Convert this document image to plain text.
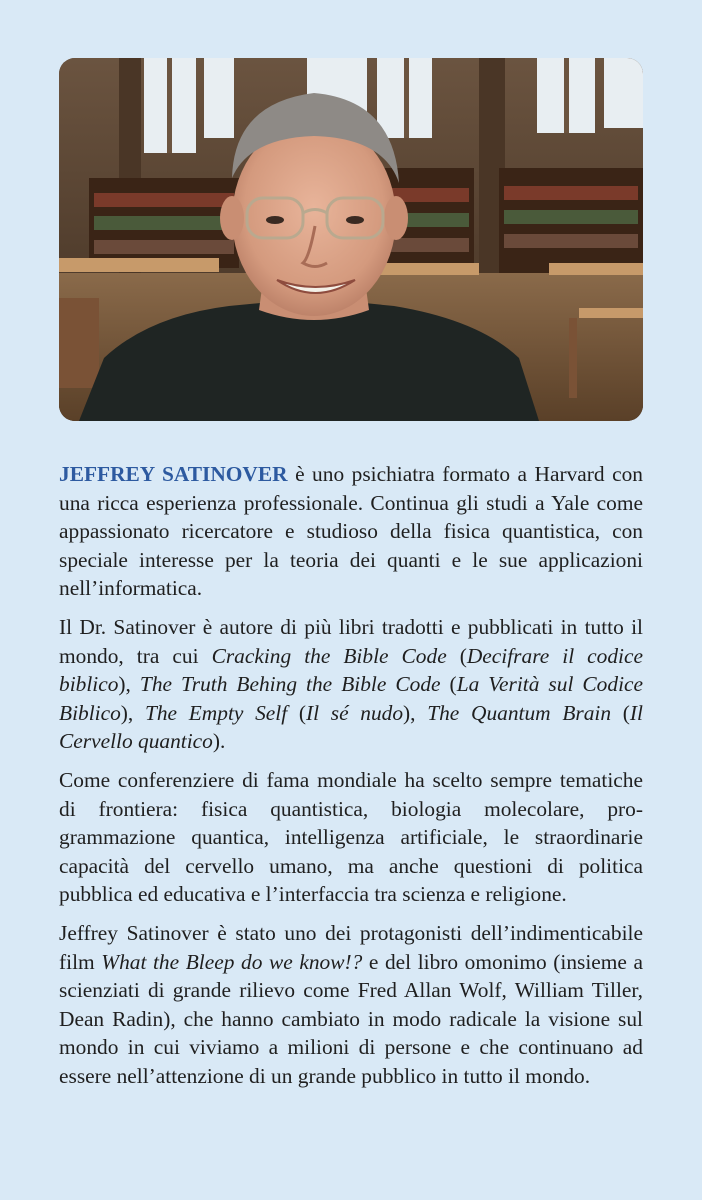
JEFFREY SATINOVER è uno psichiatra formato a Harvard con una ricca esperienza professionale. Continua gli studi a Yale come appassionato ricercatore e studioso della fisica quantistica, con speciale interesse per la teoria dei quanti e le sue applicazioni nell’informatica.

Il Dr. Satinover è autore di più libri tradotti e pubblicati in tutto il mondo, tra cui Cracking the Bible Code (Decifrare il codice biblico), The Truth Behing the Bible Code (La Verità sul Codice Biblico), The Empty Self (Il sé nudo), The Quantum Brain (Il Cervello quantico).

Come conferenziere di fama mondiale ha scelto sempre tematiche di frontiera: fisica quantistica, biologia molecolare, programmazione quantica, intelligenza artificiale, le straordinarie capacità del cervello umano, ma anche questioni di politica pubblica ed educativa e l’interfaccia tra scienza e religione.

Jeffrey Satinover è stato uno dei protagonisti dell’indimenticabile film What the Bleep do we know!? e del libro omonimo (insieme a scienziati di grande rilievo come Fred Allan Wolf, William Tiller, Dean Radin), che hanno cambiato in modo radicale la visione sul mondo in cui viviamo a milioni di persone e che continuano ad essere nell’attenzione di un grande pubblico in tutto il mondo.
